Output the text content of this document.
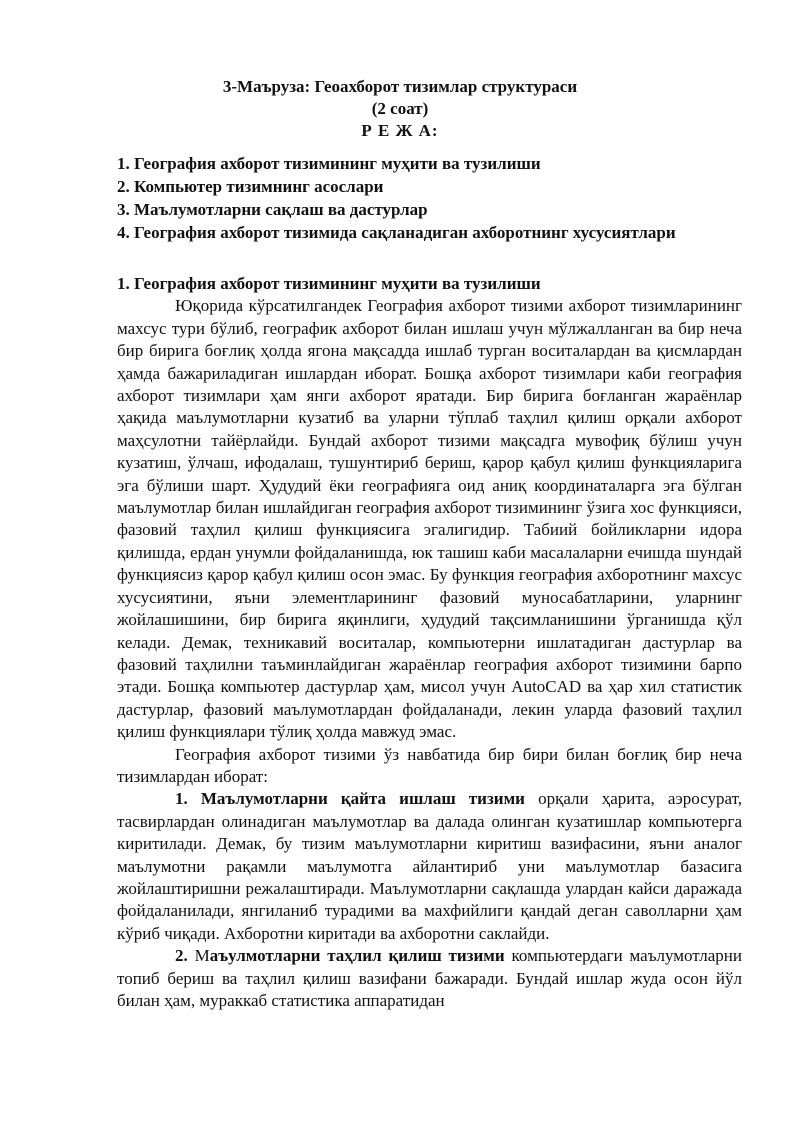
3-Маъруза: Геоахборот тизимлар структураси
(2 соат)
Р Е Ж А:
1. География ахборот тизимининг муҳити ва тузилиши
2. Компьютер тизимнинг асослари
3. Маълумотларни сақлаш ва дастурлар
4. География ахборот тизимида сақланадиган ахборотнинг хусусиятлари
1. География ахборот тизимининг муҳити ва тузилиши

Юқорида кўрсатилгандек География ахборот тизими ахборот тизимларининг махсус тури бўлиб, географик ахборот билан ишлаш учун мўлжалланган ва бир неча бир бирига боғлиқ ҳолда ягона мақсадда ишлаб турган воситалардан ва қисмлардан ҳамда бажариладиган ишлардан иборат. Бошқа ахборот тизимлари каби география ахборот тизимлари ҳам янги ахборот яратади. Бир бирига боғланган жараёнлар ҳақида маълумотларни кузатиб ва уларни тўплаб таҳлил қилиш орқали ахборот маҳсулотни тайёрлайди. Бундай ахборот тизими мақсадга мувофиқ бўлиш учун кузатиш, ўлчаш, ифодалаш, тушунтириб бериш, қарор қабул қилиш функцияларига эга бўлиши шарт. Ҳудудий ёки географияга оид аниқ координаталарга эга бўлган маълумотлар билан ишлайдиган география ахборот тизимининг ўзига хос функцияси, фазовий таҳлил қилиш функциясига эгалигидир. Табиий бойликларни идора қилишда, ердан унумли фойдаланишда, юк ташиш каби масалаларни ечишда шундай функциясиз қарор қабул қилиш осон эмас. Бу функция география ахборотнинг махсус хусусиятини, яъни элементларининг фазовий муносабатларини, уларнинг жойлашишини, бир бирига яқинлиги, ҳудудий тақсимланишини ўрганишда қўл келади. Демак, техникавий воситалар, компьютерни ишлатадиган дастурлар ва фазовий таҳлилни таъминлайдиган жараёнлар география ахборот тизимини барпо этади. Бошқа компьютер дастурлар ҳам, мисол учун AutoCAD ва ҳар хил статистик дастурлар, фазовий маълумотлардан фойдаланади, лекин уларда фазовий таҳлил қилиш функциялари тўлиқ ҳолда мавжуд эмас.

География ахборот тизими ўз навбатида бир бири билан боғлиқ бир неча тизимлардан иборат:

1. Маълумотларни қайта ишлаш тизими орқали ҳарита, аэросурат, тасвирлардан олинадиган маълумотлар ва далада олинган кузатишлар компьютерга киритилади. Демак, бу тизим маълумотларни киритиш вазифасини, яъни аналог маълумотни рақамли маълумотга айлантириб уни маълумотлар базасига жойлаштиришни режалаштиради. Маълумотларни сақлашда улардан кайси даражада фойдаланилади, янгиланиб турадими ва махфийлиги қандай деган саволларни ҳам кўриб чиқади. Ахборотни киритади ва ахборотни саклайди.

2. Маъулмотларни таҳлил қилиш тизими компьютердаги маълумотларни топиб бериш ва таҳлил қилиш вазифани бажаради. Бундай ишлар жуда осон йўл билан ҳам, мураккаб статистика аппаратидан
